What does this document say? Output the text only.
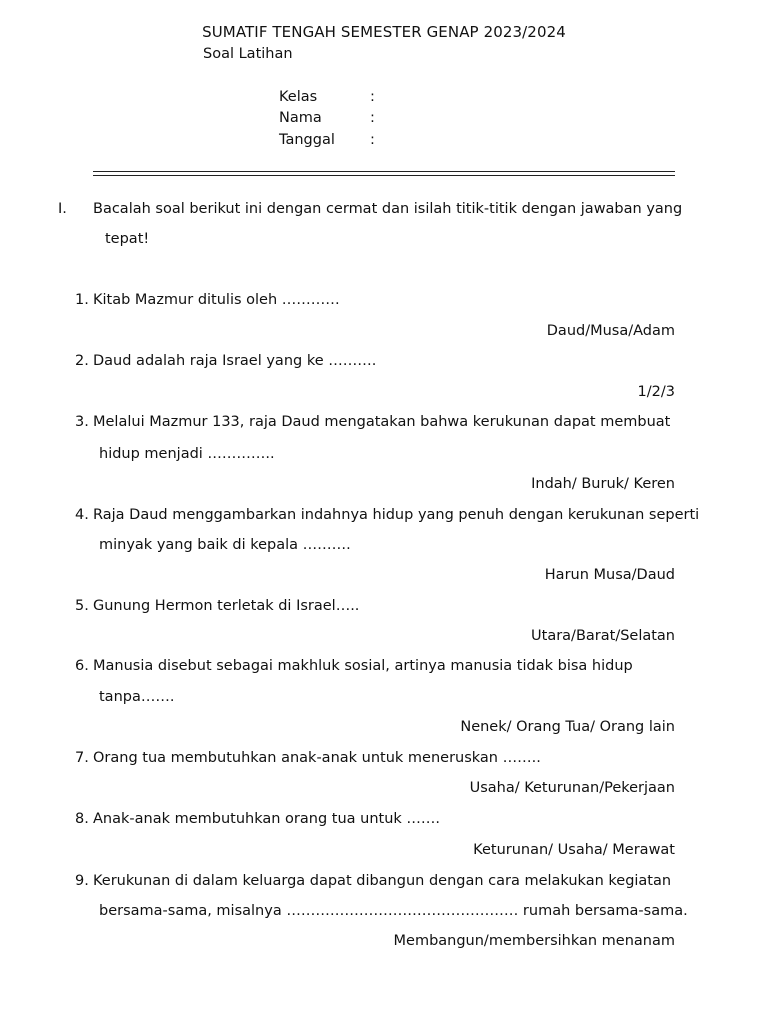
SUMATIF TENGAH SEMESTER GENAP 2023/2024
Soal Latihan
Kelas	:
Nama	:
Tanggal :
I. Bacalah soal berikut ini dengan cermat dan isilah titik-titik dengan jawaban yang
tepat!
1. Kitab Mazmur ditulis oleh …………
Daud/Musa/Adam
2. Daud adalah raja Israel yang ke ……….
1/2/3
3. Melalui Mazmur 133, raja Daud mengatakan bahwa kerukunan dapat membuat
hidup menjadi …………..
Indah/ Buruk/ Keren
4. Raja Daud menggambarkan indahnya hidup yang penuh dengan kerukunan seperti
minyak yang baik di kepala ……….
Harun Musa/Daud
5. Gunung Hermon terletak di Israel…..
Utara/Barat/Selatan
6. Manusia disebut sebagai makhluk sosial, artinya manusia tidak bisa hidup
tanpa…….
Nenek/ Orang Tua/ Orang lain
7. Orang tua membutuhkan anak-anak untuk meneruskan ……..
Usaha/ Keturunan/Pekerjaan
8. Anak-anak membutuhkan orang tua untuk …….
Keturunan/ Usaha/ Merawat
9. Kerukunan di dalam keluarga dapat dibangun dengan cara melakukan kegiatan
bersama-sama, misalnya ………………………………………… rumah bersama-sama.
Membangun/membersihkan menanam
